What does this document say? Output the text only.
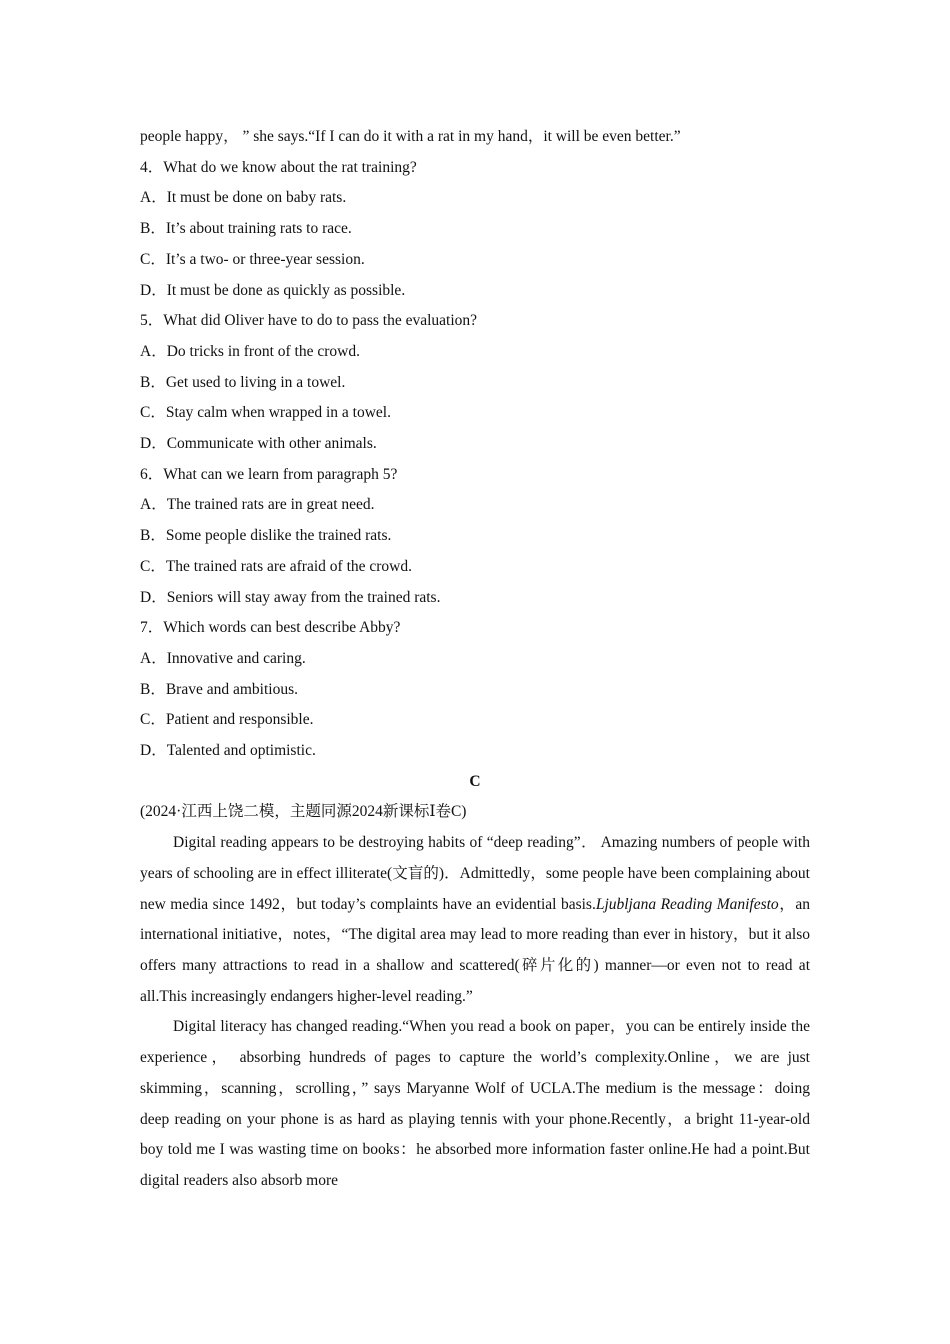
people happy， ” she says.“If I can do it with a rat in my hand，it will be even better.”

4．What do we know about the rat training?

A．It must be done on baby rats.

B．It’s about training rats to race.

C．It’s a two- or three-year session.

D．It must be done as quickly as possible.

5．What did Oliver have to do to pass the evaluation?

A．Do tricks in front of the crowd.

B．Get used to living in a towel.

C．Stay calm when wrapped in a towel.

D．Communicate with other animals.

6．What can we learn from paragraph 5?

A．The trained rats are in great need.

B．Some people dislike the trained rats.

C．The trained rats are afraid of the crowd.

D．Seniors will stay away from the trained rats.

7．Which words can best describe Abby?

A．Innovative and caring.

B．Brave and ambitious.

C．Patient and responsible.

D．Talented and optimistic.

C

(2024·江西上饶二模，主题同源2024新课标Ⅰ卷C)

Digital reading appears to be destroying habits of “deep reading”． Amazing numbers of people with years of schooling are in effect illiterate(文盲的)．Admittedly，some people have been complaining about new media since 1492，but today’s complaints have an evidential basis.Ljubljana Reading Manifesto，an international initiative，notes，“The digital area may lead to more reading than ever in history，but it also offers many attractions to read in a shallow and scattered(碎片化的) manner—or even not to read at all.This increasingly endangers higher-level reading.”

Digital literacy has changed reading.“When you read a book on paper，you can be entirely inside the experience， absorbing hundreds of pages to capture the world’s complexity.Online，we are just skimming，scanning，scrolling，” says Maryanne Wolf of UCLA.The medium is the message：doing deep reading on your phone is as hard as playing tennis with your phone.Recently，a bright 11-year-old boy told me I was wasting time on books：he absorbed more information faster online.He had a point.But digital readers also absorb more
